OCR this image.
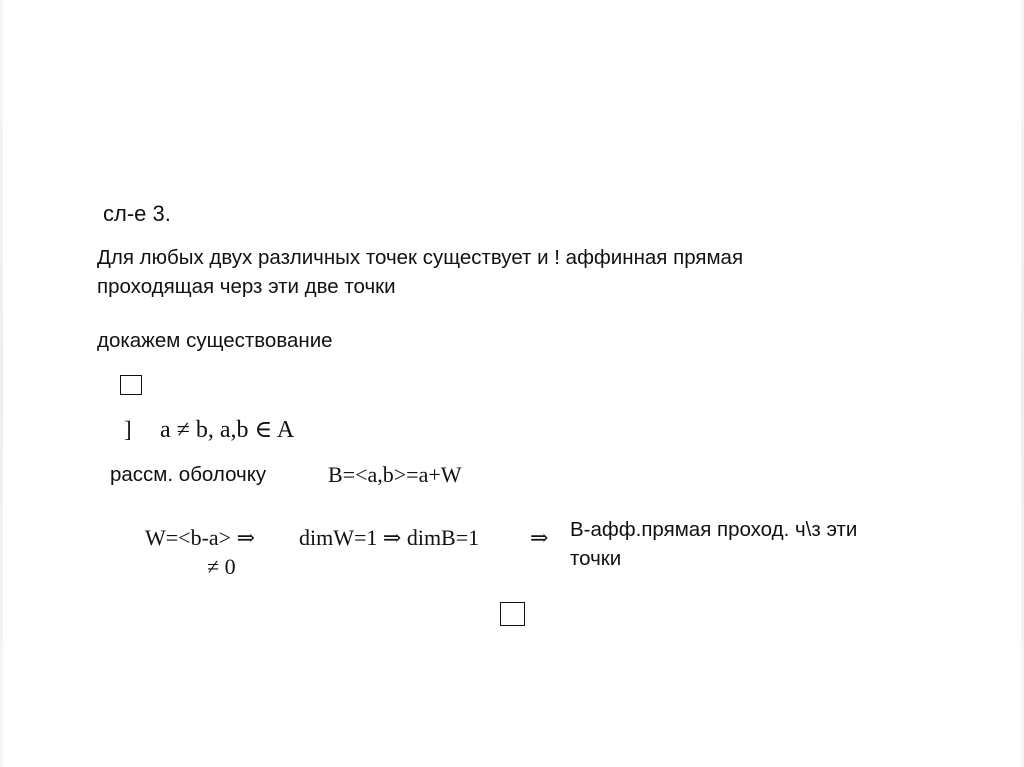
сл-е 3.
Для любых двух различных точек существует и ! аффинная прямая
проходящая черз эти две точки
докажем существование
] a ≠ b, a,b ∈ A
рассм. оболочку	B=<a,b>=a+W
W=<b-a> ⇒
≠ 0
dimW=1 ⇒ dimB=1 ⇒ B-афф.прямая проход. ч\з эти
точки
